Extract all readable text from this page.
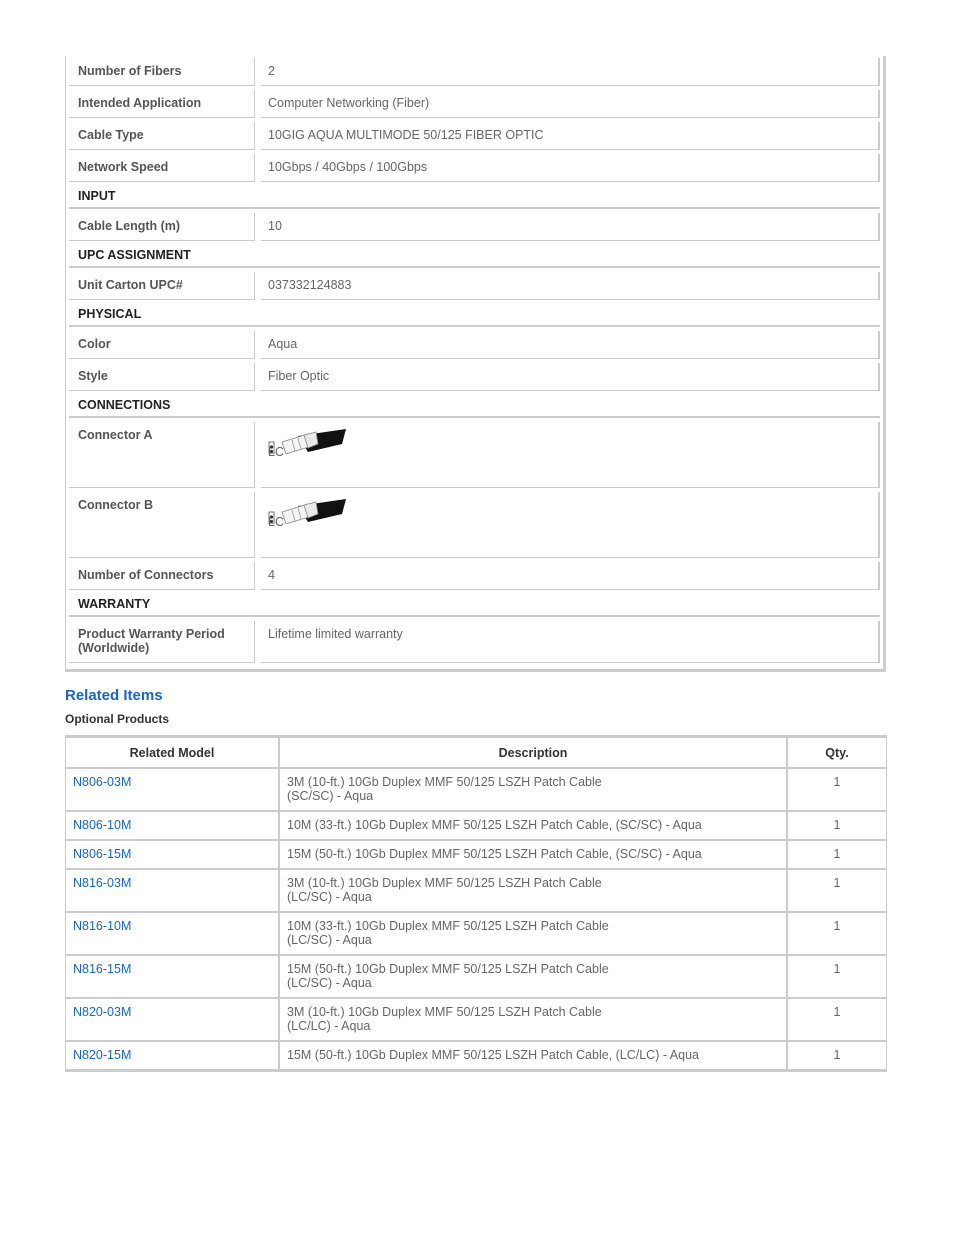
Number of Fibers		2
Intended Application		Computer Networking (Fiber)
Cable Type		10GIG AQUA MULTIMODE 50/125 FIBER OPTIC
Network Speed		10Gbps / 40Gbps / 100Gbps
INPUT		
Cable Length (m)		10
UPC ASSIGNMENT		
Unit Carton UPC#		037332124883
PHYSICAL		
Color		Aqua
Style		Fiber Optic
CONNECTIONS		
Connector A		LC

Connector B		LC

Number of Connectors		4
WARRANTY		
Product Warranty Period (Worldwide)		Lifetime limited warranty
Related Items
Optional Products
Related Model	Description	Qty.
N806-03M	3M (10-ft.) 10Gb Duplex MMF 50/125 LSZH Patch Cable
(SC/SC) - Aqua	1
N806-10M	10M (33-ft.) 10Gb Duplex MMF 50/125 LSZH Patch Cable, (SC/SC) - Aqua	1
N806-15M	15M (50-ft.) 10Gb Duplex MMF 50/125 LSZH Patch Cable, (SC/SC) - Aqua	1
N816-03M	3M (10-ft.) 10Gb Duplex MMF 50/125 LSZH Patch Cable
(LC/SC) - Aqua	1
N816-10M	10M (33-ft.) 10Gb Duplex MMF 50/125 LSZH Patch Cable
(LC/SC) - Aqua	1
N816-15M	15M (50-ft.) 10Gb Duplex MMF 50/125 LSZH Patch Cable
(LC/SC) - Aqua	1
N820-03M	3M (10-ft.) 10Gb Duplex MMF 50/125 LSZH Patch Cable
(LC/LC) - Aqua	1
N820-15M	15M (50-ft.) 10Gb Duplex MMF 50/125 LSZH Patch Cable, (LC/LC) - Aqua	1
